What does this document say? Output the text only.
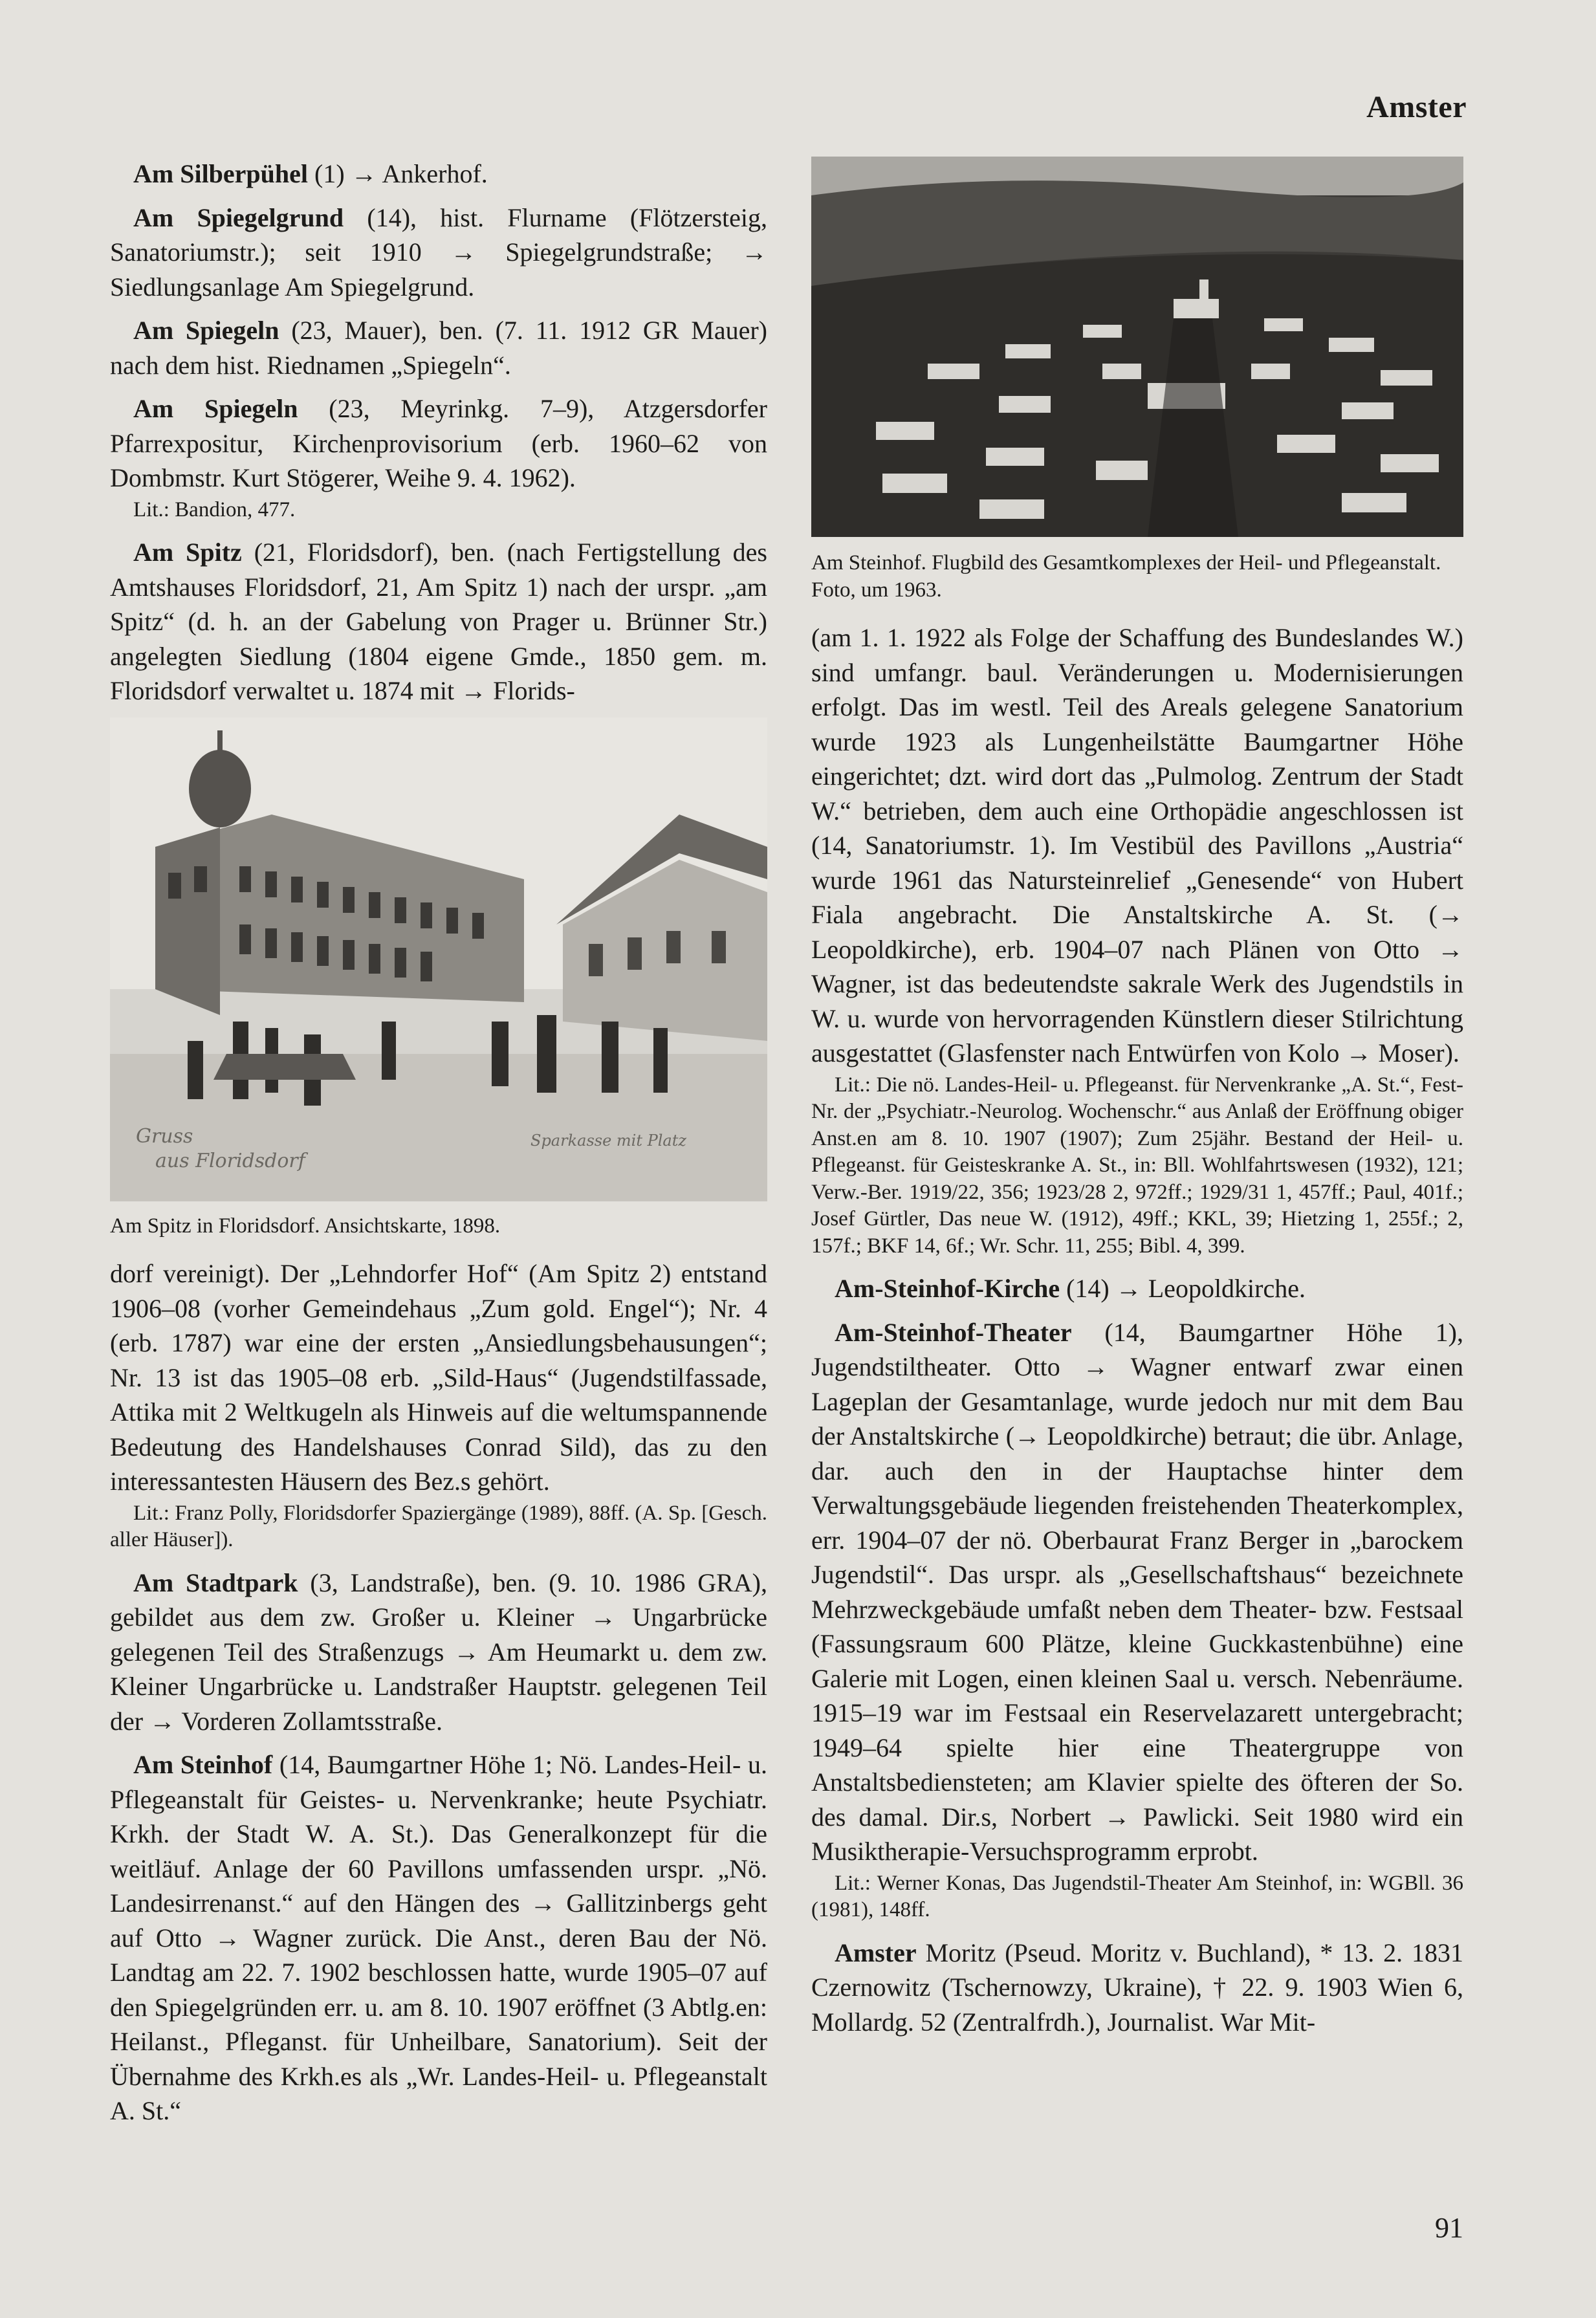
Amster

Am Silberpühel (1) → Ankerhof.

Am Spiegelgrund (14), hist. Flurname (Flötzersteig, Sanatoriumstr.); seit 1910 → Spiegelgrundstraße; → Siedlungsanlage Am Spiegelgrund.

Am Spiegeln (23, Mauer), ben. (7. 11. 1912 GR Mauer) nach dem hist. Riednamen „Spiegeln“.

Am Spiegeln (23, Meyrinkg. 7–9), Atzgersdorfer Pfarrexpositur, Kirchenprovisorium (erb. 1960–62 von Dombmstr. Kurt Stögerer, Weihe 9. 4. 1962).

Lit.: Bandion, 477.

Am Spitz (21, Floridsdorf), ben. (nach Fertigstellung des Amtshauses Floridsdorf, 21, Am Spitz 1) nach der urspr. „am Spitz“ (d. h. an der Gabelung von Prager u. Brünner Str.) angelegten Siedlung (1804 eigene Gmde., 1850 gem. m. Floridsdorf verwaltet u. 1874 mit → Florids-

Gruss
aus Floridsdorf
Sparkasse mit Platz
Am Spitz in Floridsdorf. Ansichtskarte, 1898.

dorf vereinigt). Der „Lehndorfer Hof“ (Am Spitz 2) entstand 1906–08 (vorher Gemeindehaus „Zum gold. Engel“); Nr. 4 (erb. 1787) war eine der ersten „Ansiedlungsbehausungen“; Nr. 13 ist das 1905–08 erb. „Sild-Haus“ (Jugendstilfassade, Attika mit 2 Weltkugeln als Hinweis auf die weltumspannende Bedeutung des Handelshauses Conrad Sild), das zu den interessantesten Häusern des Bez.s gehört.

Lit.: Franz Polly, Floridsdorfer Spaziergänge (1989), 88ff. (A. Sp. [Gesch. aller Häuser]).

Am Stadtpark (3, Landstraße), ben. (9. 10. 1986 GRA), gebildet aus dem zw. Großer u. Kleiner → Ungarbrücke gelegenen Teil des Straßenzugs → Am Heumarkt u. dem zw. Kleiner Ungarbrücke u. Landstraßer Hauptstr. gelegenen Teil der → Vorderen Zollamtsstraße.

Am Steinhof (14, Baumgartner Höhe 1; Nö. Landes-Heil- u. Pflegeanstalt für Geistes- u. Nervenkranke; heute Psychiatr. Krkh. der Stadt W. A. St.). Das Generalkonzept für die weitläuf. Anlage der 60 Pavillons umfassenden urspr. „Nö. Landesirrenanst.“ auf den Hängen des → Gallitzinbergs geht auf Otto → Wagner zurück. Die Anst., deren Bau der Nö. Landtag am 22. 7. 1902 beschlossen hatte, wurde 1905–07 auf den Spiegelgründen err. u. am 8. 10. 1907 eröffnet (3 Abtlg.en: Heilanst., Pfleganst. für Unheilbare, Sanatorium). Seit der Übernahme des Krkh.es als „Wr. Landes-Heil- u. Pflegeanstalt A. St.“

Am Steinhof. Flugbild des Gesamtkomplexes der Heil- und Pflegeanstalt. Foto, um 1963.

(am 1. 1. 1922 als Folge der Schaffung des Bundeslandes W.) sind umfangr. baul. Veränderungen u. Modernisierungen erfolgt. Das im westl. Teil des Areals gelegene Sanatorium wurde 1923 als Lungenheilstätte Baumgartner Höhe eingerichtet; dzt. wird dort das „Pulmolog. Zentrum der Stadt W.“ betrieben, dem auch eine Orthopädie angeschlossen ist (14, Sanatoriumstr. 1). Im Vestibül des Pavillons „Austria“ wurde 1961 das Natursteinrelief „Genesende“ von Hubert Fiala angebracht. Die Anstaltskirche A. St. (→ Leopoldkirche), erb. 1904–07 nach Plänen von Otto → Wagner, ist das bedeutendste sakrale Werk des Jugendstils in W. u. wurde von hervorragenden Künstlern dieser Stilrichtung ausgestattet (Glasfenster nach Entwürfen von Kolo → Moser).

Lit.: Die nö. Landes-Heil- u. Pflegeanst. für Nervenkranke „A. St.“, Fest-Nr. der „Psychiatr.-Neurolog. Wochenschr.“ aus Anlaß der Eröffnung obiger Anst.en am 8. 10. 1907 (1907); Zum 25jähr. Bestand der Heil- u. Pflegeanst. für Geisteskranke A. St., in: Bll. Wohlfahrtswesen (1932), 121; Verw.-Ber. 1919/22, 356; 1923/28 2, 972ff.; 1929/31 1, 457ff.; Paul, 401f.; Josef Gürtler, Das neue W. (1912), 49ff.; KKL, 39; Hietzing 1, 255f.; 2, 157f.; BKF 14, 6f.; Wr. Schr. 11, 255; Bibl. 4, 399.

Am-Steinhof-Kirche (14) → Leopoldkirche.

Am-Steinhof-Theater (14, Baumgartner Höhe 1), Jugendstiltheater. Otto → Wagner entwarf zwar einen Lageplan der Gesamtanlage, wurde jedoch nur mit dem Bau der Anstaltskirche (→ Leopoldkirche) betraut; die übr. Anlage, dar. auch den in der Hauptachse hinter dem Verwaltungsgebäude liegenden freistehenden Theaterkomplex, err. 1904–07 der nö. Oberbaurat Franz Berger in „barockem Jugendstil“. Das urspr. als „Gesellschaftshaus“ bezeichnete Mehrzweckgebäude umfaßt neben dem Theater- bzw. Festsaal (Fassungsraum 600 Plätze, kleine Guckkastenbühne) eine Galerie mit Logen, einen kleinen Saal u. versch. Nebenräume. 1915–19 war im Festsaal ein Reservelazarett untergebracht; 1949–64 spielte hier eine Theatergruppe von Anstaltsbediensteten; am Klavier spielte des öfteren der So. des damal. Dir.s, Norbert → Pawlicki. Seit 1980 wird ein Musiktherapie-Versuchsprogramm erprobt.

Lit.: Werner Konas, Das Jugendstil-Theater Am Steinhof, in: WGBll. 36 (1981), 148ff.

Amster Moritz (Pseud. Moritz v. Buchland), * 13. 2. 1831 Czernowitz (Tschernowzy, Ukraine), † 22. 9. 1903 Wien 6, Mollardg. 52 (Zentralfrdh.), Journalist. War Mit-

91
